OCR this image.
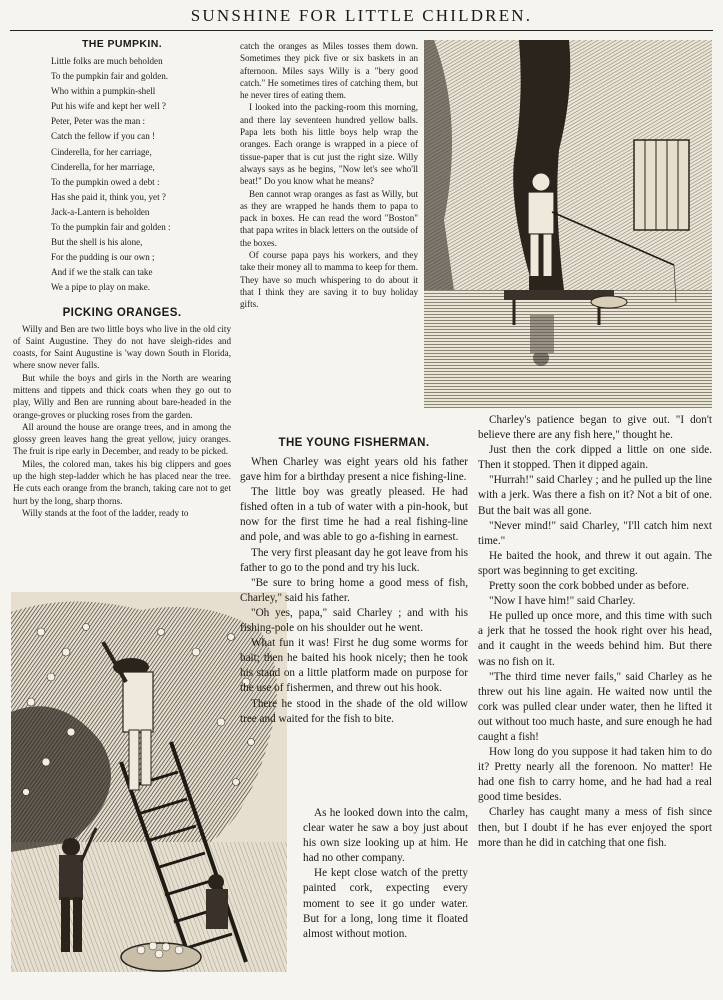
SUNSHINE FOR LITTLE CHILDREN.
THE PUMPKIN.
Little folks are much beholden
To the pumpkin fair and golden.
Who within a pumpkin-shell
Put his wife and kept her well ?
Peter, Peter was the man :
Catch the fellow if you can !
Cinderella, for her carriage,
Cinderella, for her marriage,
To the pumpkin owed a debt :
Has she paid it, think you, yet ?
Jack-a-Lantern is beholden
To the pumpkin fair and golden :
But the shell is his alone,
For the pudding is our own ;
And if we the stalk can take
We a pipe to play on make.
PICKING ORANGES.

Willy and Ben are two little boys who live in the old city of Saint Augustine. They do not have sleigh-rides and coasts, for Saint Augustine is 'way down South in Florida, where snow never falls.

But while the boys and girls in the North are wearing mittens and tippets and thick coats when they go out to play, Willy and Ben are running about bare-headed in the orange-groves or plucking roses from the garden.

All around the house are orange trees, and in among the glossy green leaves hang the great yellow, juicy oranges. The fruit is ripe early in December, and ready to be picked.

Miles, the colored man, takes his big clippers and goes up the high step-ladder which he has placed near the tree. He cuts each orange from the branch, taking care not to get hurt by the long, sharp thorns.

Willy stands at the foot of the ladder, ready to

catch the oranges as Miles tosses them down. Sometimes they pick five or six baskets in an afternoon. Miles says Willy is a "bery good catch." He sometimes tires of catching them, but he never tires of eating them.

I looked into the packing-room this morning, and there lay seventeen hundred yellow balls. Papa lets both his little boys help wrap the oranges. Each orange is wrapped in a piece of tissue-paper that is cut just the right size. Willy always says as he begins, "Now let's see who'll beat!" Do you know what he means?

Ben cannot wrap oranges as fast as Willy, but as they are wrapped he hands them to papa to pack in boxes. He can read the word "Boston" that papa writes in black letters on the outside of the boxes.

Of course papa pays his workers, and they take their money all to mamma to keep for them. They have so much whispering to do about it that I think they are saving it to buy holiday gifts.

THE YOUNG FISHERMAN.

When Charley was eight years old his father gave him for a birthday present a nice fishing-line.

The little boy was greatly pleased. He had fished often in a tub of water with a pin-hook, but now for the first time he had a real fishing-line and pole, and was able to go a-fishing in earnest.

The very first pleasant day he got leave from his father to go to the pond and try his luck.

"Be sure to bring home a good mess of fish, Charley," said his father.

"Oh yes, papa," said Charley ; and with his fishing-pole on his shoulder out he went.

What fun it was! First he dug some worms for bait; then he baited his hook nicely; then he took his stand on a little platform made on purpose for the use of fishermen, and threw out his hook.

There he stood in the shade of the old willow tree and waited for the fish to bite.

As he looked down into the calm, clear water he saw a boy just about his own size looking up at him. He had no other company.

He kept close watch of the pretty painted cork, expecting every moment to see it go under water. But for a long, long time it floated almost without motion.

Charley's patience began to give out. "I don't believe there are any fish here," thought he.

Just then the cork dipped a little on one side. Then it stopped. Then it dipped again.

"Hurrah!" said Charley ; and he pulled up the line with a jerk. Was there a fish on it? Not a bit of one. But the bait was all gone.

"Never mind!" said Charley, "I'll catch him next time."

He baited the hook, and threw it out again. The sport was beginning to get exciting.

Pretty soon the cork bobbed under as before.

"Now I have him!" said Charley.

He pulled up once more, and this time with such a jerk that he tossed the hook right over his head, and it caught in the weeds behind him. But there was no fish on it.

"The third time never fails," said Charley as he threw out his line again. He waited now until the cork was pulled clear under water, then he lifted it out without too much haste, and sure enough he had caught a fish!

How long do you suppose it had taken him to do it? Pretty nearly all the forenoon. No matter! He had one fish to carry home, and he had had a real good time besides.

Charley has caught many a mess of fish since then, but I doubt if he has ever enjoyed the sport more than he did in catching that one fish.
